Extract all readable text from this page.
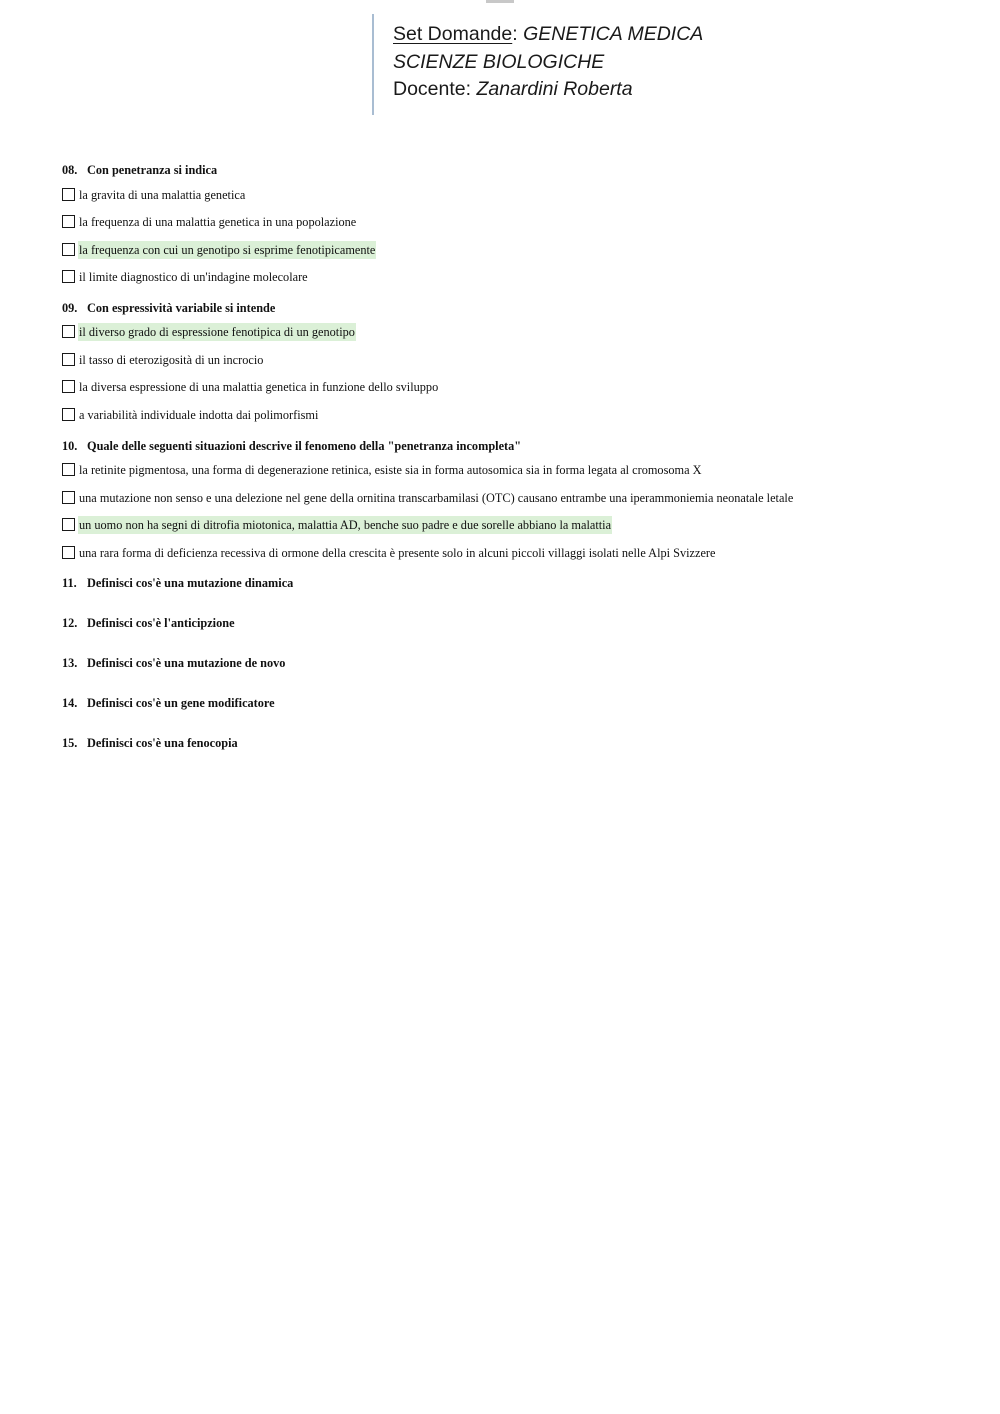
Set Domande: GENETICA MEDICA
SCIENZE BIOLOGICHE
Docente: Zanardini Roberta
08. Con penetranza si indica
la gravita di una malattia genetica
la frequenza di una malattia genetica in una popolazione
la frequenza con cui un genotipo si esprime fenotipicamente
il limite diagnostico di un'indagine molecolare
09. Con espressività variabile si intende
il diverso grado di espressione fenotipica di un genotipo
il tasso di eterozigosità di un incrocio
la diversa espressione di una malattia genetica in funzione dello sviluppo
a variabilità individuale indotta dai polimorfismi
10. Quale delle seguenti situazioni descrive il fenomeno della "penetranza incompleta"
la retinite pigmentosa, una forma di degenerazione retinica, esiste sia in forma autosomica sia in forma legata al cromosoma X
una mutazione non senso e una delezione nel gene della ornitina transcarbamilasi (OTC) causano entrambe una iperammoniemia neonatale letale
un uomo non ha segni di ditrofia miotonica, malattia AD, benche suo padre e due sorelle abbiano la malattia
una rara forma di deficienza recessiva di ormone della crescita è presente solo in alcuni piccoli villaggi isolati nelle Alpi Svizzere
11. Definisci cos'è una mutazione dinamica
12. Definisci cos'è l'anticipzione
13. Definisci cos'è una mutazione de novo
14. Definisci cos'è un gene modificatore
15. Definisci cos'è una fenocopia
